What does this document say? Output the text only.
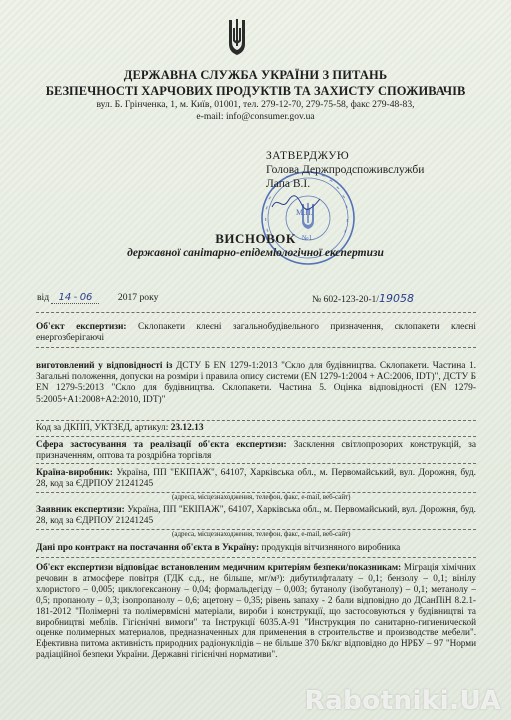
ДЕРЖАВНА СЛУЖБА УКРАЇНИ З ПИТАНЬ
БЕЗПЕЧНОСТІ ХАРЧОВИХ ПРОДУКТІВ ТА ЗАХИСТУ СПОЖИВАЧІВ
вул. Б. Грінченка, 1, м. Київ, 01001, тел. 279-12-70, 279-75-58, факс 279-48-83,
e-mail: info@consumer.gov.ua
М.П.
№1
ЗАТВЕРДЖУЮ
Голова Держпродспоживслужби
Лапа В.І.
ВИСНОВОК
державної санітарно-епідеміологічної експертизи
від 14 - 06	2017 року	№ 602-123-20-1/19058
Об'єкт експертизи: Склопакети клеєні загальнобудівельного призначення, склопакети клеєні енергозберігаючі
виготовлений у відповідності із ДСТУ Б ЕN 1279-1:2013 "Скло для будівництва. Склопакети. Частина 1. Загальні положення, допуски на розміри і правила опису системи (EN 1279-1:2004 + AC:2006, IDT)", ДСТУ Б ЕN 1279-5:2013 "Скло для будівництва. Склопакети. Частина 5. Оцінка відповідності (EN 1279-5:2005+A1:2008+A2:2010, IDT)"
Код за ДКПП, УКТЗЕД, артикул: 23.12.13
Сфера застосування та реалізації об'єкта експертизи: Засклення світлопрозорих конструкцій, за призначенням, оптова та роздрібна торгівля
Країна-виробник: Україна, ПП "ЕКІПАЖ", 64107, Харківська обл., м. Первомайський, вул. Дорожня, буд. 28, код за ЄДРПОУ 21241245
(адреса, місцезнаходження, телефон, факс, e-mail, веб-сайт)
Заявник експертизи: Україна, ПП "ЕКІПАЖ", 64107, Харківська обл., м. Первомайський, вул. Дорожня, буд. 28, код за ЄДРПОУ 21241245
(адреса, місцезнаходження, телефон, факс, e-mail, веб-сайт)
Дані про контракт на постачання об'єкта в Україну: продукція вітчизняного виробника
Об'єкт експертизи відповідає встановленим медичним критеріям безпеки/показникам: Міграція хімічних речовин в атмосфере повітря (ГДК с.д., не більше, мг/м³): дибутилфталату – 0,1; бензолу – 0,1; вінілу хлористого – 0,005; циклогексанону – 0,04; формальдегіду – 0,003; бутанолу (ізобутанолу) – 0,1; метанолу – 0,5; пропанолу – 0,3; ізопропанолу – 0,6; ацетону – 0,35; рівень запаху - 2 бали відповідно до ДСанПіН 8.2.1-181-2012 "Полімерні та полімервмісні матеріали, вироби і конструкції, що застосовуються у будівництві та виробництві меблів. Гігієнічні вимоги" та Інструкції 6035.А-91 "Инструкция по санитарно-гигиенической оценке полимерных материалов, предназначенных для применения в строительстве и производстве мебели". Ефективна питома активність природних радіонуклідів – не більше 370 Бк/кг відповідно до НРБУ – 97 "Норми радіаційної безпеки України. Державні гігієнічні нормативи".
Rabotniki.UA
